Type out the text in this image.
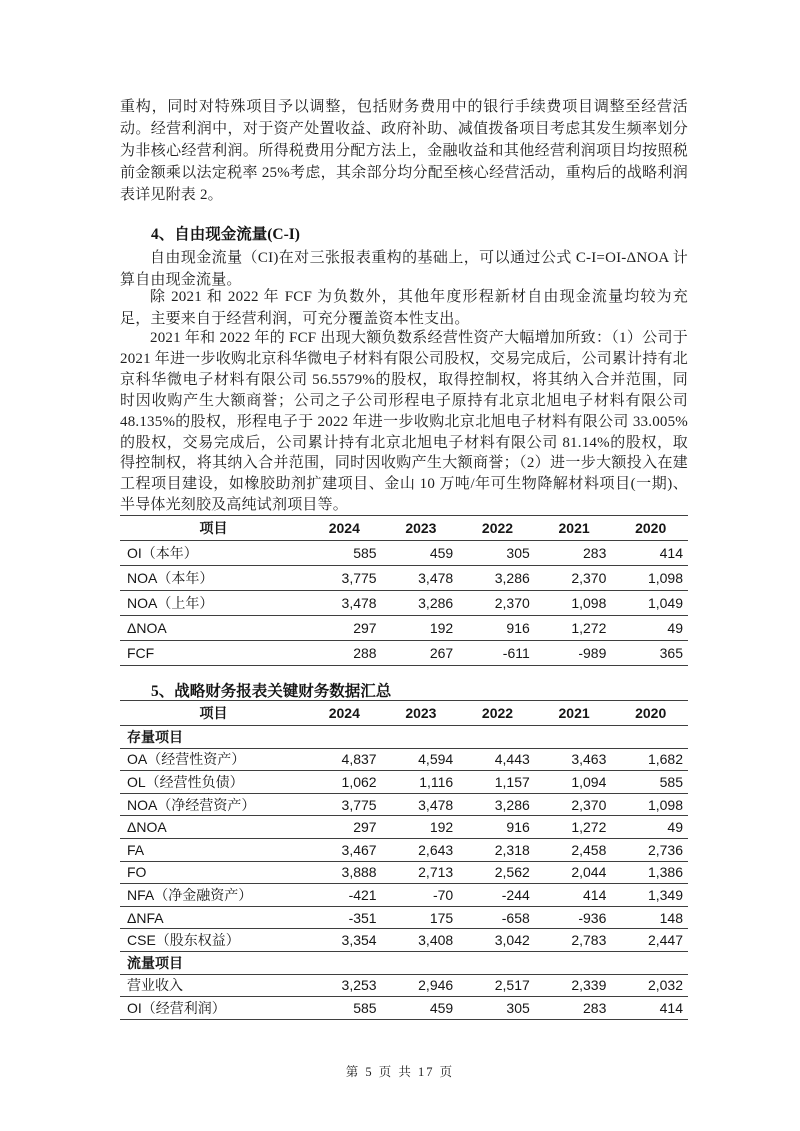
重构，同时对特殊项目予以调整，包括财务费用中的银行手续费项目调整至经营活动。经营利润中，对于资产处置收益、政府补助、减值拨备项目考虑其发生频率划分为非核心经营利润。所得税费用分配方法上，金融收益和其他经营利润项目均按照税前金额乘以法定税率 25%考虑，其余部分均分配至核心经营活动，重构后的战略利润表详见附表 2。

4、自由现金流量(C-I)

自由现金流量（CI)在对三张报表重构的基础上，可以通过公式 C-I=OI-ΔNOA 计算自由现金流量。

除 2021 和 2022 年 FCF 为负数外，其他年度形程新材自由现金流量均较为充足，主要来自于经营利润，可充分覆盖资本性支出。

2021 年和 2022 年的 FCF 出现大额负数系经营性资产大幅增加所致：（1）公司于 2021 年进一步收购北京科华微电子材料有限公司股权，交易完成后，公司累计持有北京科华微电子材料有限公司 56.5579%的股权，取得控制权，将其纳入合并范围，同时因收购产生大额商誉；公司之子公司形程电子原持有北京北旭电子材料有限公司 48.135%的股权，形程电子于 2022 年进一步收购北京北旭电子材料有限公司 33.005%的股权，交易完成后，公司累计持有北京北旭电子材料有限公司 81.14%的股权，取得控制权，将其纳入合并范围，同时因收购产生大额商誉；（2）进一步大额投入在建工程项目建设，如橡胶助剂扩建项目、金山 10 万吨/年可生物降解材料项目(一期)、半导体光刻胶及高纯试剂项目等。

项目	2024	2023	2022	2021	2020
OI（本年）	585	459	305	283	414
NOA（本年）	3,775	3,478	3,286	2,370	1,098
NOA（上年）	3,478	3,286	2,370	1,098	1,049
ΔNOA	297	192	916	1,272	49
FCF	288	267	-611	-989	365
5、战略财务报表关键财务数据汇总
项目	2024	2023	2022	2021	2020
存量项目					
OA（经营性资产）	4,837	4,594	4,443	3,463	1,682
OL（经营性负债）	1,062	1,116	1,157	1,094	585
NOA（净经营资产）	3,775	3,478	3,286	2,370	1,098
ΔNOA	297	192	916	1,272	49
FA	3,467	2,643	2,318	2,458	2,736
FO	3,888	2,713	2,562	2,044	1,386
NFA（净金融资产）	-421	-70	-244	414	1,349
ΔNFA	-351	175	-658	-936	148
CSE（股东权益）	3,354	3,408	3,042	2,783	2,447
流量项目					
营业收入	3,253	2,946	2,517	2,339	2,032
OI（经营利润）	585	459	305	283	414
第 5 页 共 17 页
